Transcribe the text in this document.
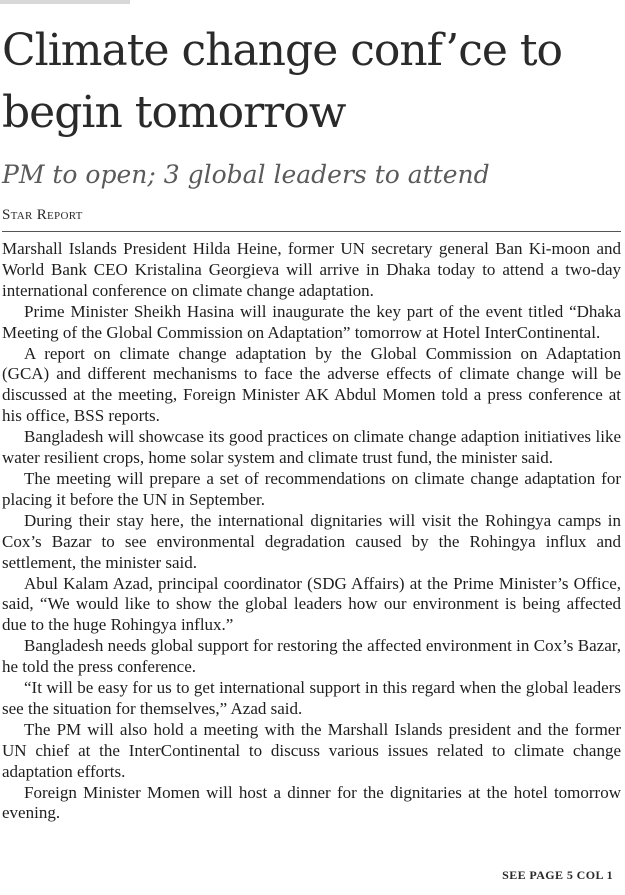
Climate change conf’ce to begin tomorrow
PM to open; 3 global leaders to attend
Star Report

Marshall Islands President Hilda Heine, former UN secretary general Ban Ki-moon and World Bank CEO Kristalina Georgieva will arrive in Dhaka today to attend a two-day international conference on climate change adaptation.

Prime Minister Sheikh Hasina will inaugurate the key part of the event titled “Dhaka Meeting of the Global Commission on Adaptation” tomorrow at Hotel InterContinental.

A report on climate change adaptation by the Global Commission on Adaptation (GCA) and different mechanisms to face the adverse effects of climate change will be discussed at the meeting, Foreign Minister AK Abdul Momen told a press conference at his office, BSS reports.

Bangladesh will showcase its good practices on climate change adaption initiatives like water resilient crops, home solar system and climate trust fund, the minister said.

The meeting will prepare a set of recommendations on climate change adaptation for placing it before the UN in September.

During their stay here, the international dignitaries will visit the Rohingya camps in Cox’s Bazar to see environmental degradation caused by the Rohingya influx and settlement, the minister said.

Abul Kalam Azad, principal coordinator (SDG Affairs) at the Prime Minister’s Office, said, “We would like to show the global leaders how our environment is being affected due to the huge Rohingya influx.”

Bangladesh needs global support for restoring the affected environment in Cox’s Bazar, he told the press conference.

“It will be easy for us to get international support in this regard when the global leaders see the situation for themselves,” Azad said.

The PM will also hold a meeting with the Marshall Islands president and the former UN chief at the InterContinental to discuss various issues related to climate change adaptation efforts.

Foreign Minister Momen will host a dinner for the dignitaries at the hotel tomorrow evening.

SEE PAGE 5 COL 1
